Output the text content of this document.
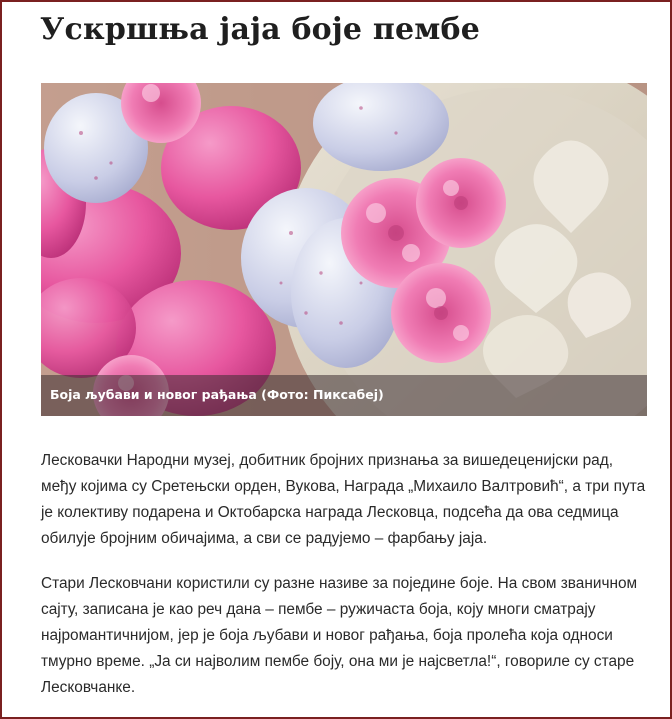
Ускршња јаја боје пембе
Боја љубави и новог рађања (Фото: Пиксабеј)

Лесковачки Народни музеј, добитник бројних признања за вишедеценијски рад, међу којима су Сретењски орден, Вукова, Награда „Михаило Валтровић“, а три пута је колективу подарена и Октобарска награда Лесковца, подсећа да ова седмица обилује бројним обичајима, а сви се радујемо – фарбању јаја.

Стари Лесковчани користили су разне називе за поједине боје. На свом званичном сајту, записана је као реч дана – пембе – ружичаста боја, коју многи сматрају најромантичнијом, јер је боја љубави и новог рађања, боја пролећа која односи тмурно време. „Ја си најволим пембе боју, она ми је најсветла!“, говориле су старе Лесковчанке.
